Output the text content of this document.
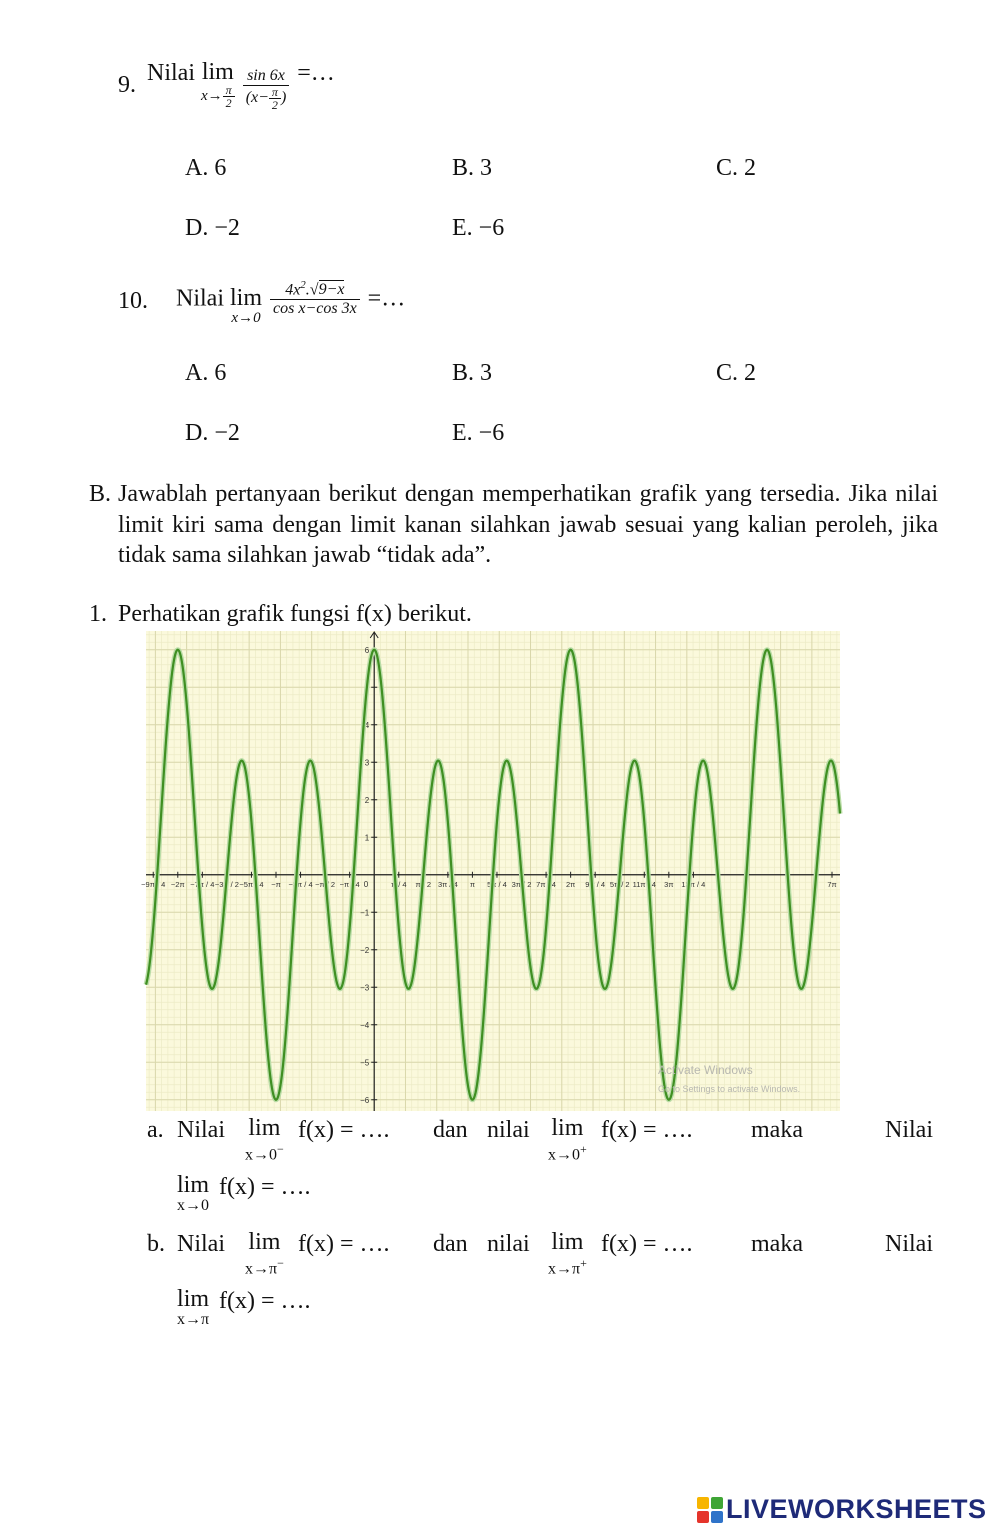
9. Nilai lim
$x\to \frac{\pi}{2}$
$\frac{\sin 6x}{(x- \frac{\pi}{2} )}$ =…
A. 6	B. 3	C. 2
D. −2	E. −6
10. Nilai lim
x→0
$\frac{4x^2.√9-x}{\text{cos x−cos 3x}}$ =…
A. 6	B. 3	C. 2
D. −2	E. −6
B. Jawablah pertanyaan berikut dengan memperhatikan grafik yang tersedia. Jika nilai limit kiri sama dengan limit kanan silahkan jawab sesuai yang kalian peroleh, jika tidak sama silahkan jawab “tidak ada”.
1. Perhatikan grafik fungsi f(x) berikut.
6
5
4
3
2
1
−1
−2
−3
−4
−5
−6
−9π / 4 −2π −7π / 4 −3π / 2 −5π / 4 −π −3π / 4 −π / 2 −π / 4 0	π / 4 π / 2 3π / 4 π 5π / 4 3π / 2 7π / 4 2π 9π / 4 5π / 2 11π / 4 3π 13π / 4	7π
Activate Windows
Go to Settings to activate Windows.
a. Nilai lim
x→0−
f(x) = …. dan nilai lim
x→0+
f(x) = …. maka	Nilai
lim
x→0
f(x) = ….
b. Nilai lim
x→π−
f(x) = …. dan nilai lim
x→π+
f(x) = …. maka	Nilai
lim
x→π
f(x) = ….
LIVEWORKSHEETS
